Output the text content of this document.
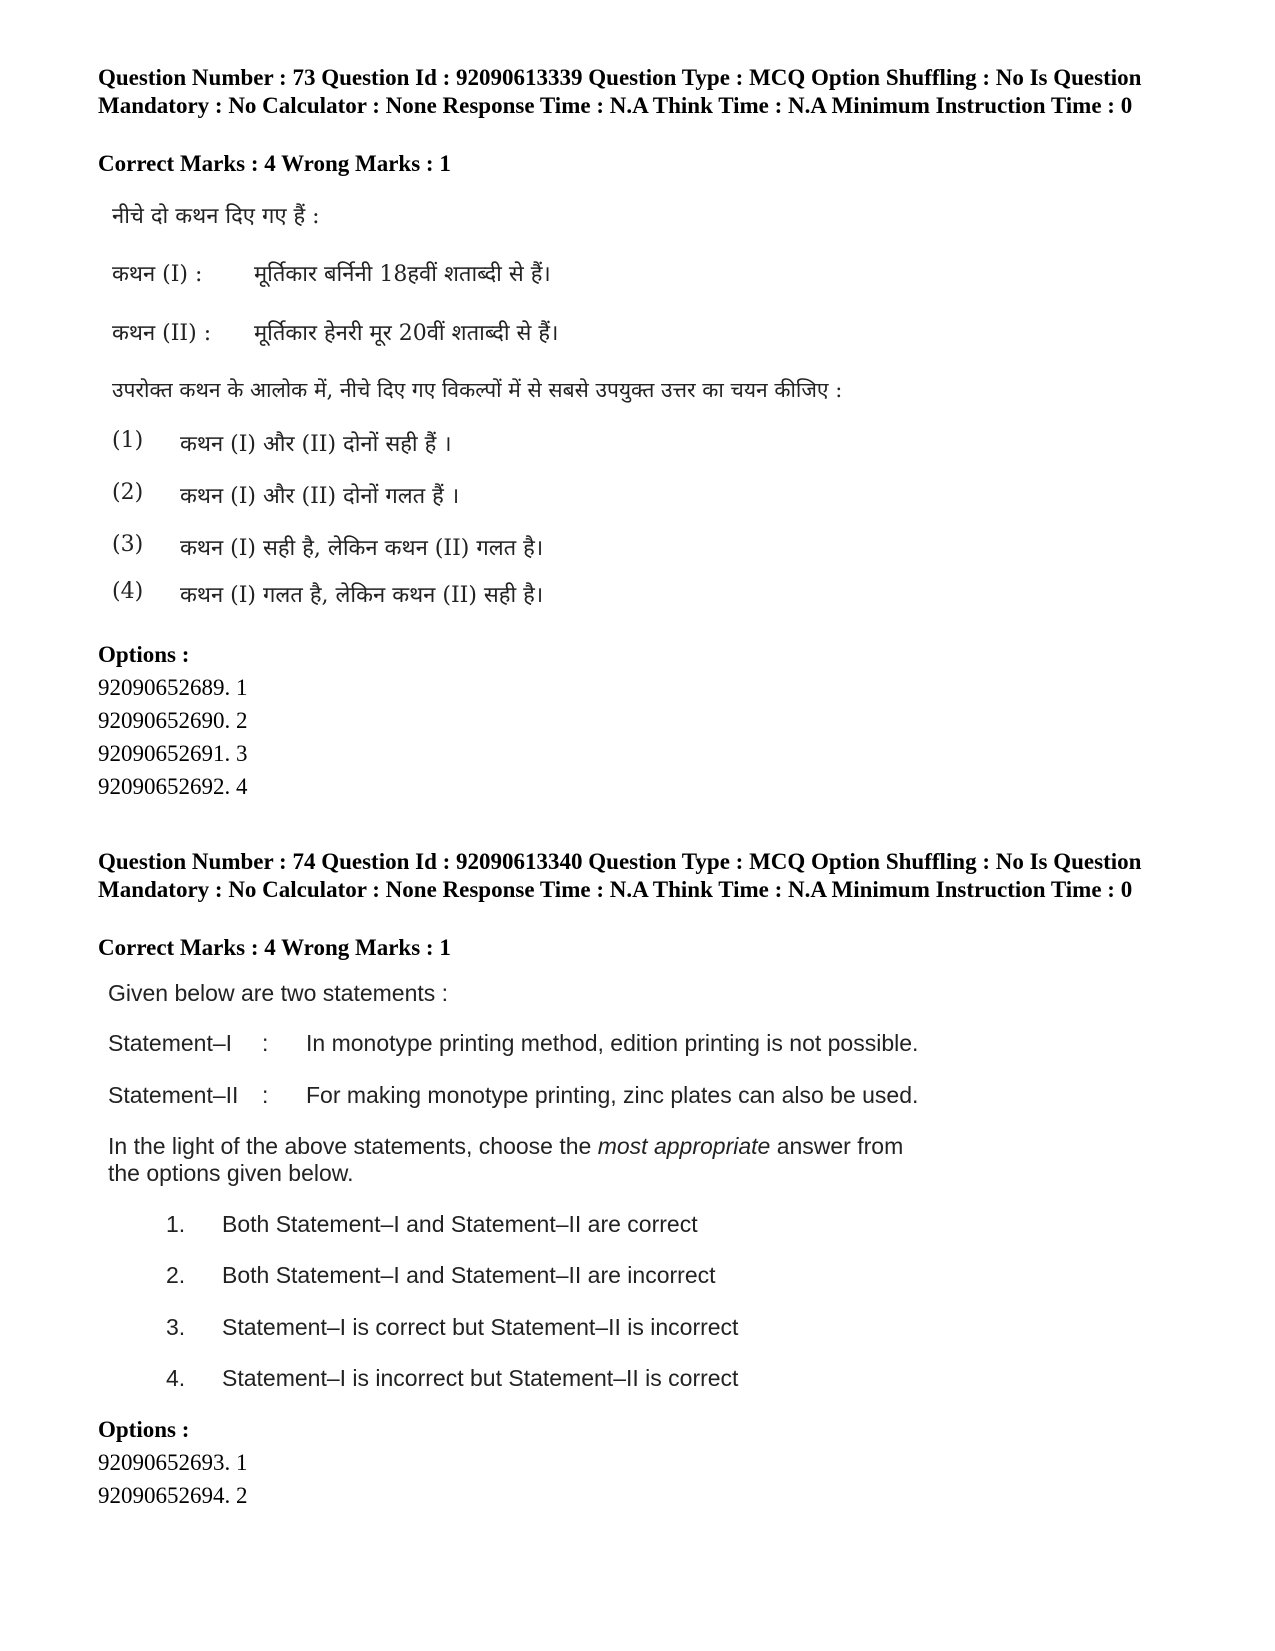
Question Number : 73 Question Id : 92090613339 Question Type : MCQ Option Shuffling : No Is Question Mandatory : No Calculator : None Response Time : N.A Think Time : N.A Minimum Instruction Time : 0
Correct Marks : 4 Wrong Marks : 1
नीचे दो कथन दिए गए हैं :
कथन (I) : मूर्तिकार बर्निनी 18हवीं शताब्दी से हैं।
कथन (II) : मूर्तिकार हेनरी मूर 20वीं शताब्दी से हैं।
उपरोक्त कथन के आलोक में, नीचे दिए गए विकल्पों में से सबसे उपयुक्त उत्तर का चयन कीजिए :
(1) कथन (I) और (II) दोनों सही हैं ।
(2) कथन (I) और (II) दोनों गलत हैं ।
(3) कथन (I) सही है, लेकिन कथन (II) गलत है।
(4) कथन (I) गलत है, लेकिन कथन (II) सही है।
Options :
92090652689. 1
92090652690. 2
92090652691. 3
92090652692. 4
Question Number : 74 Question Id : 92090613340 Question Type : MCQ Option Shuffling : No Is Question Mandatory : No Calculator : None Response Time : N.A Think Time : N.A Minimum Instruction Time : 0
Correct Marks : 4 Wrong Marks : 1
Given below are two statements :
Statement–I : In monotype printing method, edition printing is not possible.
Statement–II : For making monotype printing, zinc plates can also be used.
In the light of the above statements, choose the most appropriate answer from
the options given below.
1. Both Statement–I and Statement–II are correct
2. Both Statement–I and Statement–II are incorrect
3. Statement–I is correct but Statement–II is incorrect
4. Statement–I is incorrect but Statement–II is correct
Options :
92090652693. 1
92090652694. 2
